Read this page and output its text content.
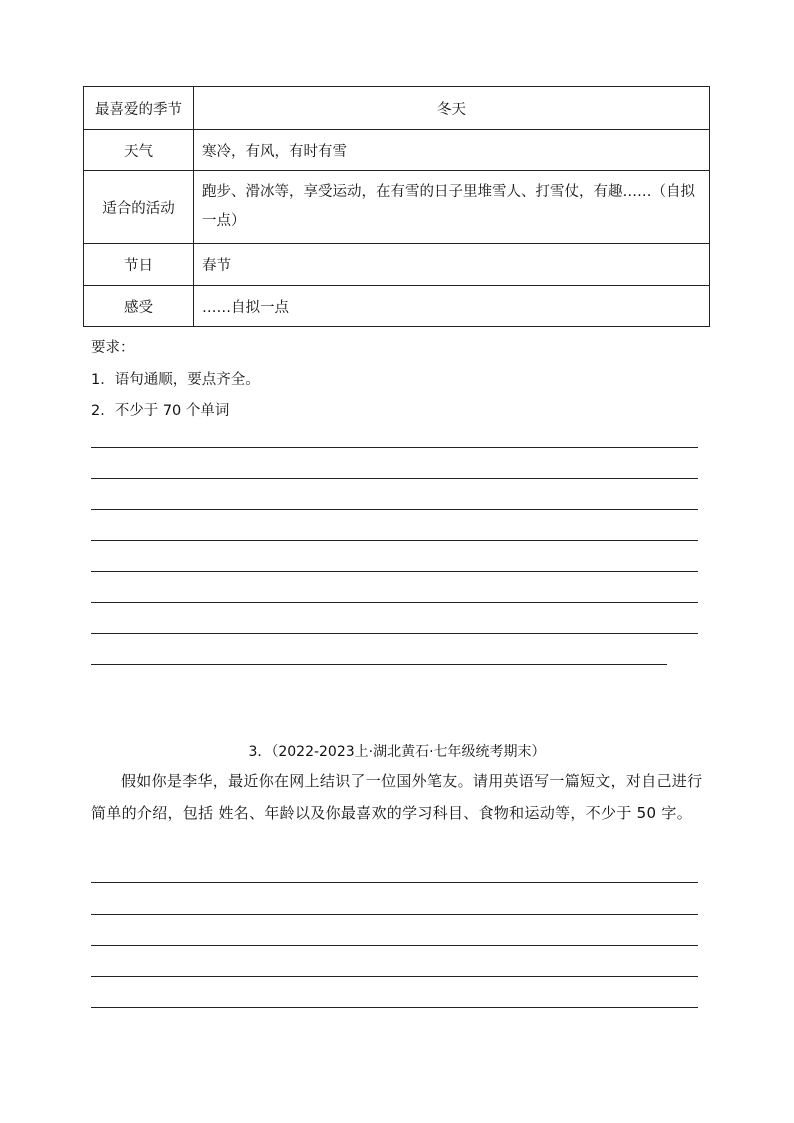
最喜爱的季节	冬天
天气	寒冷，有风，有时有雪
适合的活动	跑步、滑冰等，享受运动，在有雪的日子里堆雪人、打雪仗，有趣……（自拟一点）
节日	春节
感受	……自拟一点
要求：
1．语句通顺，要点齐全。
2．不少于 70 个单词
3．（2022-2023上·湖北黄石·七年级统考期末）
假如你是李华，最近你在网上结识了一位国外笔友。请用英语写一篇短文，对自己进行简单的介绍，包括 姓名、年龄以及你最喜欢的学习科目、食物和运动等，不少于 50 字。
